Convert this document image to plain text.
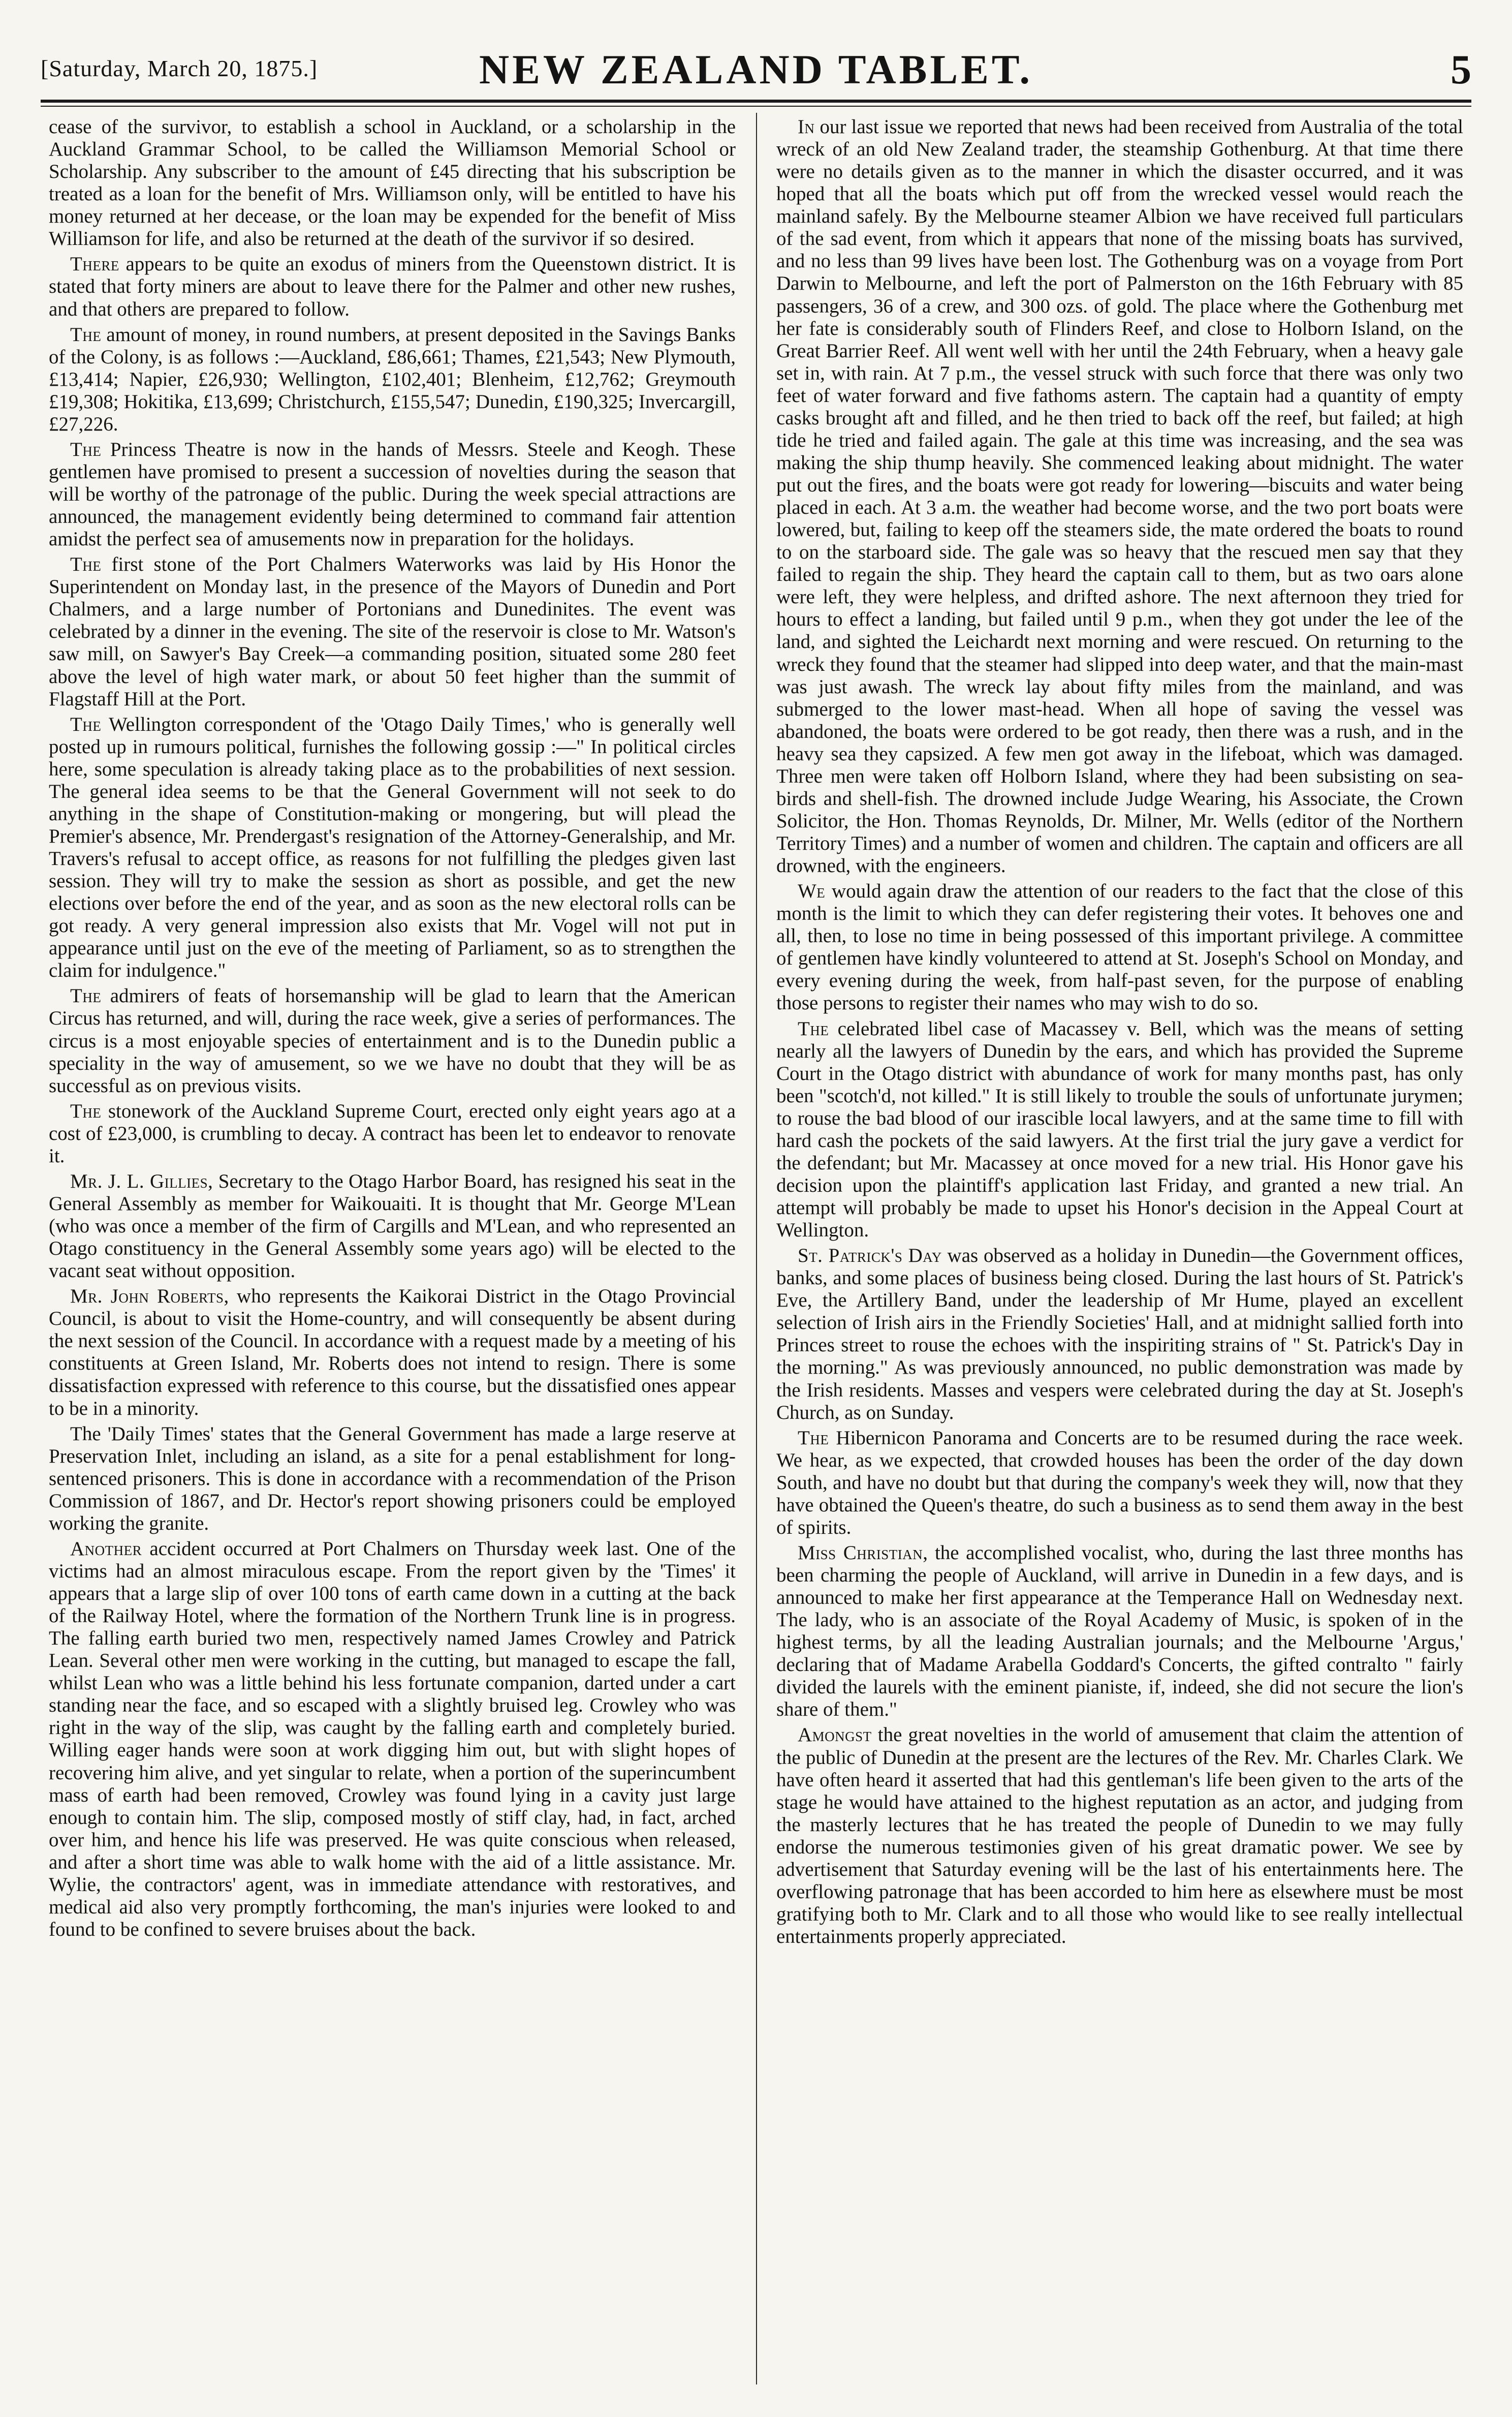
[Saturday, March 20, 1875.]	NEW ZEALAND TABLET.	5

cease of the survivor, to establish a school in Auckland, or a scholarship in the Auckland Grammar School, to be called the Williamson Memorial School or Scholarship. Any subscriber to the amount of £45 directing that his subscription be treated as a loan for the benefit of Mrs. Williamson only, will be entitled to have his money returned at her decease, or the loan may be expended for the benefit of Miss Williamson for life, and also be returned at the death of the survivor if so desired.

There appears to be quite an exodus of miners from the Queenstown district. It is stated that forty miners are about to leave there for the Palmer and other new rushes, and that others are prepared to follow.

The amount of money, in round numbers, at present deposited in the Savings Banks of the Colony, is as follows :—Auckland, £86,661; Thames, £21,543; New Plymouth, £13,414; Napier, £26,930; Wellington, £102,401; Blenheim, £12,762; Greymouth £19,308; Hokitika, £13,699; Christchurch, £155,547; Dunedin, £190,325; Invercargill, £27,226.

The Princess Theatre is now in the hands of Messrs. Steele and Keogh. These gentlemen have promised to present a succession of novelties during the season that will be worthy of the patronage of the public. During the week special attractions are announced, the management evidently being determined to command fair attention amidst the perfect sea of amusements now in preparation for the holidays.

The first stone of the Port Chalmers Waterworks was laid by His Honor the Superintendent on Monday last, in the presence of the Mayors of Dunedin and Port Chalmers, and a large number of Portonians and Dunedinites. The event was celebrated by a dinner in the evening. The site of the reservoir is close to Mr. Watson's saw mill, on Sawyer's Bay Creek—a commanding position, situated some 280 feet above the level of high water mark, or about 50 feet higher than the summit of Flagstaff Hill at the Port.

The Wellington correspondent of the 'Otago Daily Times,' who is generally well posted up in rumours political, furnishes the following gossip :—" In political circles here, some speculation is already taking place as to the probabilities of next session. The general idea seems to be that the General Government will not seek to do anything in the shape of Constitution-making or mongering, but will plead the Premier's absence, Mr. Prendergast's resignation of the Attorney-Generalship, and Mr. Travers's refusal to accept office, as reasons for not fulfilling the pledges given last session. They will try to make the session as short as possible, and get the new elections over before the end of the year, and as soon as the new electoral rolls can be got ready. A very general impression also exists that Mr. Vogel will not put in appearance until just on the eve of the meeting of Parliament, so as to strengthen the claim for indulgence."

The admirers of feats of horsemanship will be glad to learn that the American Circus has returned, and will, during the race week, give a series of performances. The circus is a most enjoyable species of entertainment and is to the Dunedin public a speciality in the way of amusement, so we we have no doubt that they will be as successful as on previous visits.

The stonework of the Auckland Supreme Court, erected only eight years ago at a cost of £23,000, is crumbling to decay. A contract has been let to endeavor to renovate it.

Mr. J. L. Gillies, Secretary to the Otago Harbor Board, has resigned his seat in the General Assembly as member for Waikouaiti. It is thought that Mr. George M'Lean (who was once a member of the firm of Cargills and M'Lean, and who represented an Otago constituency in the General Assembly some years ago) will be elected to the vacant seat without opposition.

Mr. John Roberts, who represents the Kaikorai District in the Otago Provincial Council, is about to visit the Home-country, and will consequently be absent during the next session of the Council. In accordance with a request made by a meeting of his constituents at Green Island, Mr. Roberts does not intend to resign. There is some dissatisfaction expressed with reference to this course, but the dissatisfied ones appear to be in a minority.

The 'Daily Times' states that the General Government has made a large reserve at Preservation Inlet, including an island, as a site for a penal establishment for long-sentenced prisoners. This is done in accordance with a recommendation of the Prison Commission of 1867, and Dr. Hector's report showing prisoners could be employed working the granite.

Another accident occurred at Port Chalmers on Thursday week last. One of the victims had an almost miraculous escape. From the report given by the 'Times' it appears that a large slip of over 100 tons of earth came down in a cutting at the back of the Railway Hotel, where the formation of the Northern Trunk line is in progress. The falling earth buried two men, respectively named James Crowley and Patrick Lean. Several other men were working in the cutting, but managed to escape the fall, whilst Lean who was a little behind his less fortunate companion, darted under a cart standing near the face, and so escaped with a slightly bruised leg. Crowley who was right in the way of the slip, was caught by the falling earth and completely buried. Willing eager hands were soon at work digging him out, but with slight hopes of recovering him alive, and yet singular to relate, when a portion of the superincumbent mass of earth had been removed, Crowley was found lying in a cavity just large enough to contain him. The slip, composed mostly of stiff clay, had, in fact, arched over him, and hence his life was preserved. He was quite conscious when released, and after a short time was able to walk home with the aid of a little assistance. Mr. Wylie, the contractors' agent, was in immediate attendance with restoratives, and medical aid also very promptly forthcoming, the man's injuries were looked to and found to be confined to severe bruises about the back.

In our last issue we reported that news had been received from Australia of the total wreck of an old New Zealand trader, the steamship Gothenburg. At that time there were no details given as to the manner in which the disaster occurred, and it was hoped that all the boats which put off from the wrecked vessel would reach the mainland safely. By the Melbourne steamer Albion we have received full particulars of the sad event, from which it appears that none of the missing boats has survived, and no less than 99 lives have been lost. The Gothenburg was on a voyage from Port Darwin to Melbourne, and left the port of Palmerston on the 16th February with 85 passengers, 36 of a crew, and 300 ozs. of gold. The place where the Gothenburg met her fate is considerably south of Flinders Reef, and close to Holborn Island, on the Great Barrier Reef. All went well with her until the 24th February, when a heavy gale set in, with rain. At 7 p.m., the vessel struck with such force that there was only two feet of water forward and five fathoms astern. The captain had a quantity of empty casks brought aft and filled, and he then tried to back off the reef, but failed; at high tide he tried and failed again. The gale at this time was increasing, and the sea was making the ship thump heavily. She commenced leaking about midnight. The water put out the fires, and the boats were got ready for lowering—biscuits and water being placed in each. At 3 a.m. the weather had become worse, and the two port boats were lowered, but, failing to keep off the steamers side, the mate ordered the boats to round to on the starboard side. The gale was so heavy that the rescued men say that they failed to regain the ship. They heard the captain call to them, but as two oars alone were left, they were helpless, and drifted ashore. The next afternoon they tried for hours to effect a landing, but failed until 9 p.m., when they got under the lee of the land, and sighted the Leichardt next morning and were rescued. On returning to the wreck they found that the steamer had slipped into deep water, and that the main-mast was just awash. The wreck lay about fifty miles from the mainland, and was submerged to the lower mast-head. When all hope of saving the vessel was abandoned, the boats were ordered to be got ready, then there was a rush, and in the heavy sea they capsized. A few men got away in the lifeboat, which was damaged. Three men were taken off Holborn Island, where they had been subsisting on sea-birds and shell-fish. The drowned include Judge Wearing, his Associate, the Crown Solicitor, the Hon. Thomas Reynolds, Dr. Milner, Mr. Wells (editor of the Northern Territory Times) and a number of women and children. The captain and officers are all drowned, with the engineers.

We would again draw the attention of our readers to the fact that the close of this month is the limit to which they can defer registering their votes. It behoves one and all, then, to lose no time in being possessed of this important privilege. A committee of gentlemen have kindly volunteered to attend at St. Joseph's School on Monday, and every evening during the week, from half-past seven, for the purpose of enabling those persons to register their names who may wish to do so.

The celebrated libel case of Macassey v. Bell, which was the means of setting nearly all the lawyers of Dunedin by the ears, and which has provided the Supreme Court in the Otago district with abundance of work for many months past, has only been "scotch'd, not killed." It is still likely to trouble the souls of unfortunate jurymen; to rouse the bad blood of our irascible local lawyers, and at the same time to fill with hard cash the pockets of the said lawyers. At the first trial the jury gave a verdict for the defendant; but Mr. Macassey at once moved for a new trial. His Honor gave his decision upon the plaintiff's application last Friday, and granted a new trial. An attempt will probably be made to upset his Honor's decision in the Appeal Court at Wellington.

St. Patrick's Day was observed as a holiday in Dunedin—the Government offices, banks, and some places of business being closed. During the last hours of St. Patrick's Eve, the Artillery Band, under the leadership of Mr Hume, played an excellent selection of Irish airs in the Friendly Societies' Hall, and at midnight sallied forth into Princes street to rouse the echoes with the inspiriting strains of " St. Patrick's Day in the morning." As was previously announced, no public demonstration was made by the Irish residents. Masses and vespers were celebrated during the day at St. Joseph's Church, as on Sunday.

The Hibernicon Panorama and Concerts are to be resumed during the race week. We hear, as we expected, that crowded houses has been the order of the day down South, and have no doubt but that during the company's week they will, now that they have obtained the Queen's theatre, do such a business as to send them away in the best of spirits.

Miss Christian, the accomplished vocalist, who, during the last three months has been charming the people of Auckland, will arrive in Dunedin in a few days, and is announced to make her first appearance at the Temperance Hall on Wednesday next. The lady, who is an associate of the Royal Academy of Music, is spoken of in the highest terms, by all the leading Australian journals; and the Melbourne 'Argus,' declaring that of Madame Arabella Goddard's Concerts, the gifted contralto " fairly divided the laurels with the eminent pianiste, if, indeed, she did not secure the lion's share of them."

Amongst the great novelties in the world of amusement that claim the attention of the public of Dunedin at the present are the lectures of the Rev. Mr. Charles Clark. We have often heard it asserted that had this gentleman's life been given to the arts of the stage he would have attained to the highest reputation as an actor, and judging from the masterly lectures that he has treated the people of Dunedin to we may fully endorse the numerous testimonies given of his great dramatic power. We see by advertisement that Saturday evening will be the last of his entertainments here. The overflowing patronage that has been accorded to him here as elsewhere must be most gratifying both to Mr. Clark and to all those who would like to see really intellectual entertainments properly appreciated.
